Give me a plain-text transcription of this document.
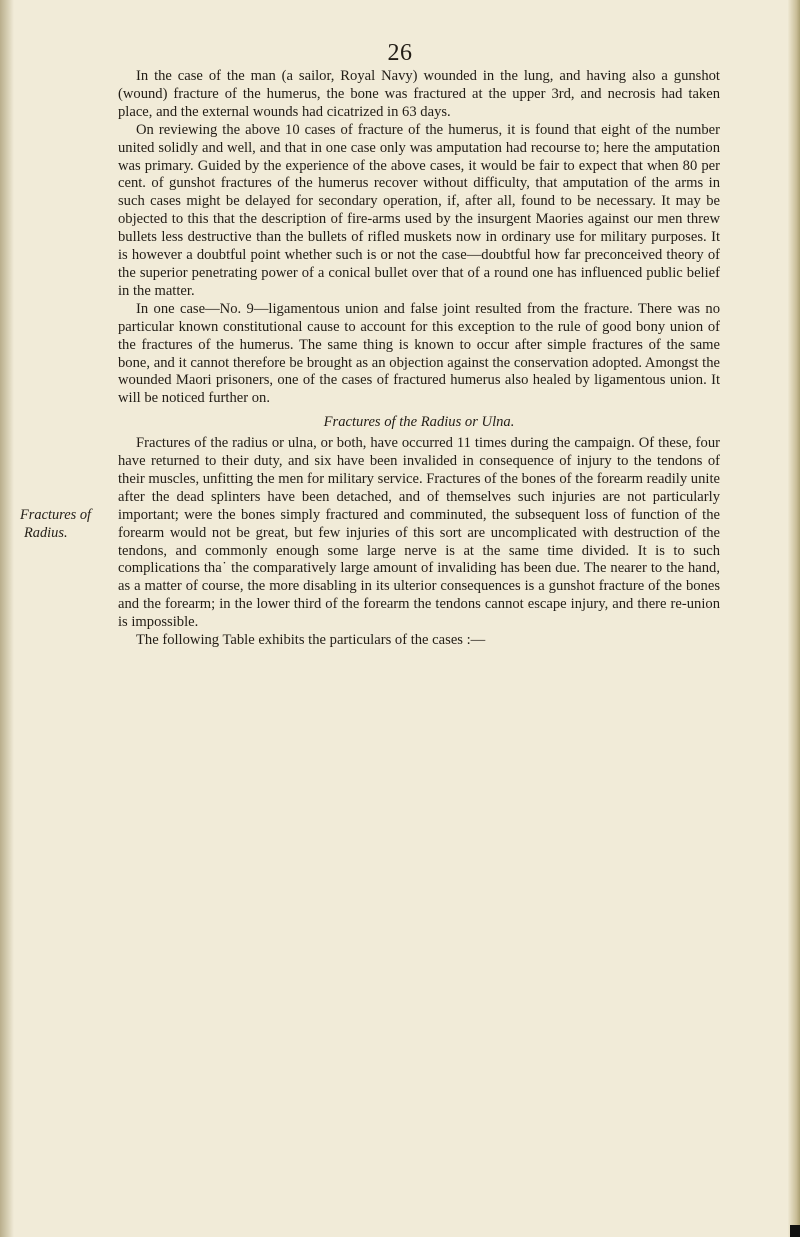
26
Fractures of
Radius.

In the case of the man (a sailor, Royal Navy) wounded in the lung, and having also a gunshot (wound) fracture of the humerus, the bone was fractured at the upper 3rd, and necrosis had taken place, and the external wounds had cicatrized in 63 days.

On reviewing the above 10 cases of fracture of the humerus, it is found that eight of the number united solidly and well, and that in one case only was amputation had recourse to; here the amputation was primary. Guided by the experience of the above cases, it would be fair to expect that when 80 per cent. of gunshot fractures of the humerus recover without difficulty, that amputation of the arms in such cases might be delayed for secondary operation, if, after all, found to be necessary. It may be objected to this that the description of fire-arms used by the insurgent Maories against our men threw bullets less destructive than the bullets of rifled muskets now in ordinary use for military purposes. It is however a doubtful point whether such is or not the case—doubtful how far preconceived theory of the superior penetrating power of a conical bullet over that of a round one has influenced public belief in the matter.

In one case—No. 9—ligamentous union and false joint resulted from the fracture. There was no particular known constitutional cause to account for this exception to the rule of good bony union of the fractures of the humerus. The same thing is known to occur after simple fractures of the same bone, and it cannot therefore be brought as an objection against the conservation adopted. Amongst the wounded Maori prisoners, one of the cases of fractured humerus also healed by ligamentous union. It will be noticed further on.

Fractures of the Radius or Ulna.

Fractures of the radius or ulna, or both, have occurred 11 times during the campaign. Of these, four have returned to their duty, and six have been invalided in consequence of injury to the tendons of their muscles, unfitting the men for military service. Fractures of the bones of the forearm readily unite after the dead splinters have been detached, and of themselves such injuries are not particularly important; were the bones simply fractured and comminuted, the subsequent loss of function of the forearm would not be great, but few injuries of this sort are uncomplicated with destruction of the tendons, and commonly enough some large nerve is at the same time divided. It is to such complications tha˙ the comparatively large amount of invaliding has been due. The nearer to the hand, as a matter of course, the more disabling in its ulterior consequences is a gunshot fracture of the bones and the forearm; in the lower third of the forearm the tendons cannot escape injury, and there re-union is impossible.

The following Table exhibits the particulars of the cases :—
